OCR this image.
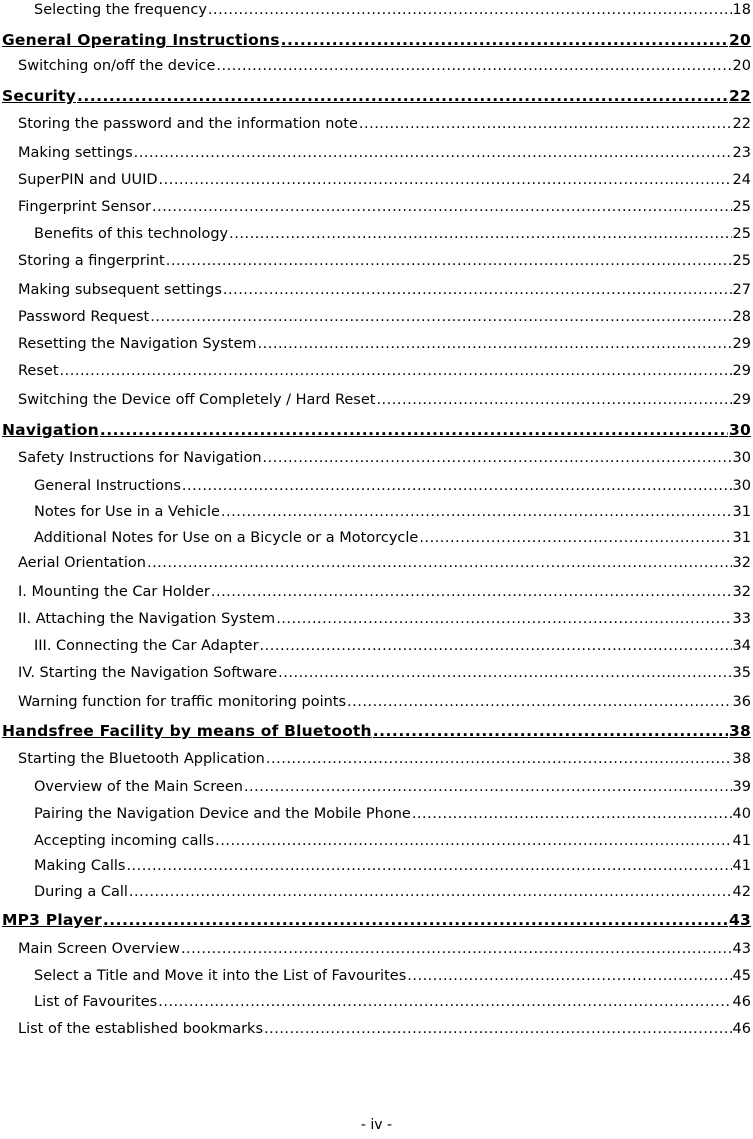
Selecting the frequency .....	18
General Operating Instructions .....	20
Switching on/off the device .....	20
Security .....	22
Storing the password and the information note .....	22
Making settings .....	23
SuperPIN and UUID .....	24
Fingerprint Sensor .....	25
Benefits of this technology .....	25
Storing a fingerprint .....	25
Making subsequent settings .....	27
Password Request .....	28
Resetting the Navigation System .....	29
Reset .....	29
Switching the Device off Completely / Hard Reset .....	29
Navigation .....	30
Safety Instructions for Navigation .....	30
General Instructions .....	30
Notes for Use in a Vehicle .....	31
Additional Notes for Use on a Bicycle or a Motorcycle .....	31
Aerial Orientation .....	32
I. Mounting the Car Holder .....	32
II. Attaching the Navigation System .....	33
III. Connecting the Car Adapter .....	34
IV. Starting the Navigation Software .....	35
Warning function for traffic monitoring points .....	36
Handsfree Facility by means of Bluetooth .....	38
Starting the Bluetooth Application .....	38
Overview of the Main Screen .....	39
Pairing the Navigation Device and the Mobile Phone .....	40
Accepting incoming calls .....	41
Making Calls .....	41
During a Call .....	42
MP3 Player .....	43
Main Screen Overview .....	43
Select a Title and Move it into the List of Favourites .....	45
List of Favourites .....	46
List of the established bookmarks .....	46
- iv -
